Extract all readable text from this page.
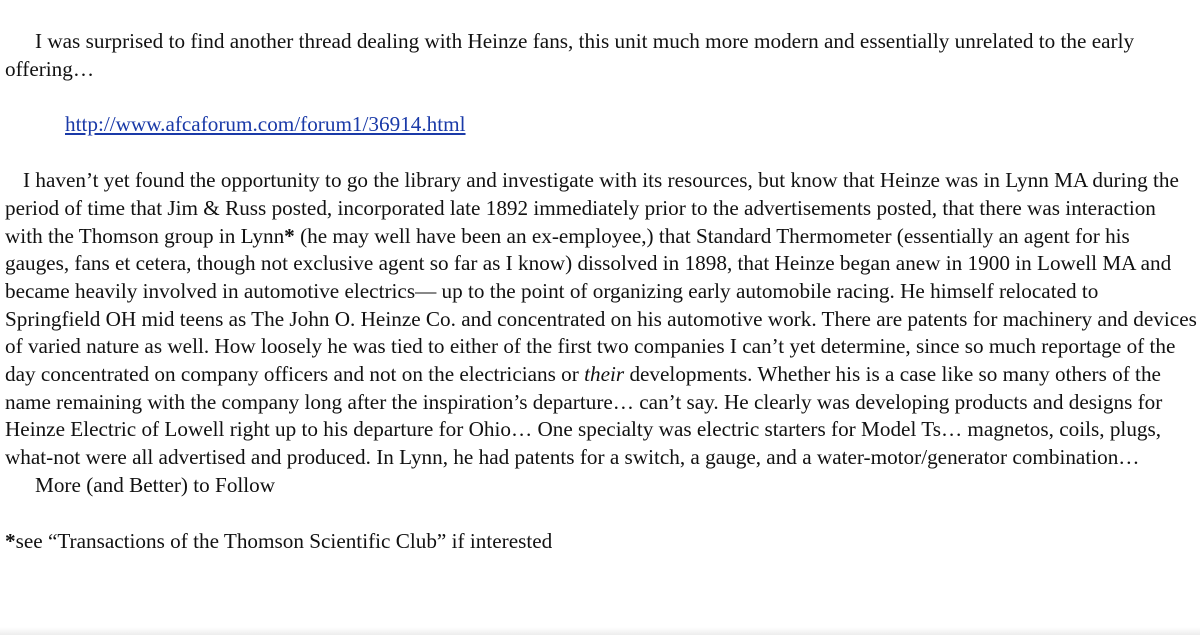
I was surprised to find another thread dealing with Heinze fans, this unit much more modern and essentially unrelated to the early offering…

http://www.afcaforum.com/forum1/36914.html

I haven’t yet found the opportunity to go the library and investigate with its resources, but know that Heinze was in Lynn MA during the period of time that Jim & Russ posted, incorporated late 1892 immediately prior to the advertisements posted, that there was interaction with the Thomson group in Lynn* (he may well have been an ex-employee,) that Standard Thermometer (essentially an agent for his gauges, fans et cetera, though not exclusive agent so far as I know) dissolved in 1898, that Heinze began anew in 1900 in Lowell MA and became heavily involved in automotive electrics— up to the point of organizing early automobile racing. He himself relocated to Springfield OH mid teens as The John O. Heinze Co. and concentrated on his automotive work. There are patents for machinery and devices of varied nature as well. How loosely he was tied to either of the first two companies I can’t yet determine, since so much reportage of the day concentrated on company officers and not on the electricians or their developments. Whether his is a case like so many others of the name remaining with the company long after the inspiration’s departure… can’t say. He clearly was developing products and designs for Heinze Electric of Lowell right up to his departure for Ohio… One specialty was electric starters for Model Ts… magnetos, coils, plugs, what-not were all advertised and produced. In Lynn, he had patents for a switch, a gauge, and a water-motor/generator combination…

More (and Better) to Follow
*see “Transactions of the Thomson Scientific Club” if interested
